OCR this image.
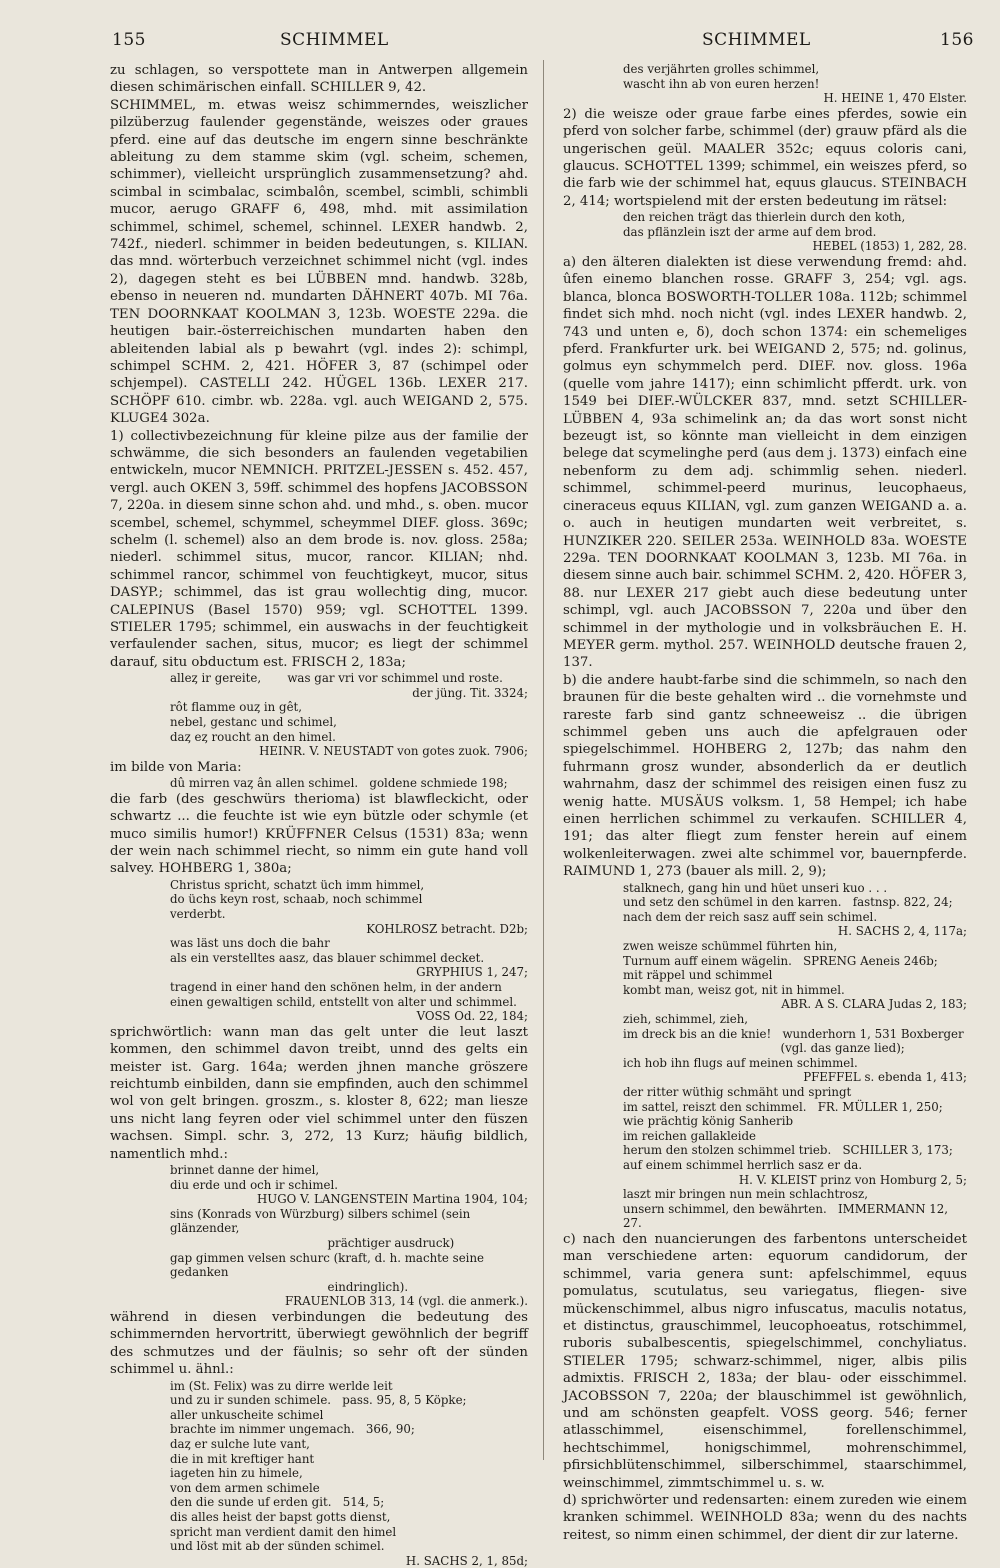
155	SCHIMMEL	SCHIMMEL	156
zu schlagen, so verspottete man in Antwerpen allgemein diesen schimärischen einfall. SCHILLER 9, 42.
SCHIMMEL, m. etwas weisz schimmerndes, weiszlicher pilzüberzug faulender gegenstände, weiszes oder graues pferd. eine auf das deutsche im engern sinne beschränkte ableitung zu dem stamme skim (vgl. scheim, schemen, schimmer), vielleicht ursprünglich zusammensetzung? ahd. scimbal in scimbalac, scimbalôn, scembel, scimbli, schimbli mucor, aerugo GRAFF 6, 498, mhd. mit assimilation schimmel, schimel, schemel, schinnel. LEXER handwb. 2, 742f., niederl. schimmer in beiden bedeutungen, s. KILIAN. das mnd. wörterbuch verzeichnet schimmel nicht (vgl. indes 2), dagegen steht es bei LÜBBEN mnd. handwb. 328b, ebenso in neueren nd. mundarten DÄHNERT 407b. MI 76a. TEN DOORNKAAT KOOLMAN 3, 123b. WOESTE 229a. die heutigen bair.-österreichischen mundarten haben den ableitenden labial als p bewahrt (vgl. indes 2): schimpl, schimpel SCHM. 2, 421. HÖFER 3, 87 (schimpel oder schjempel). CASTELLI 242. HÜGEL 136b. LEXER 217. SCHÖPF 610. cimbr. wb. 228a. vgl. auch WEIGAND 2, 575. KLUGE4 302a.
1) collectivbezeichnung für kleine pilze aus der familie der schwämme, die sich besonders an faulenden vegetabilien entwickeln, mucor NEMNICH. PRITZEL-JESSEN s. 452. 457, vergl. auch OKEN 3, 59ff. schimmel des hopfens JACOBSSON 7, 220a. in diesem sinne schon ahd. und mhd., s. oben. mucor scembel, schemel, schymmel, scheymmel DIEF. gloss. 369c; schelm (l. schemel) also an dem brode is. nov. gloss. 258a; niederl. schimmel situs, mucor, rancor. KILIAN; nhd. schimmel rancor, schimmel von feuchtigkeyt, mucor, situs DASYP.; schimmel, das ist grau wollechtig ding, mucor. CALEPINUS (Basel 1570) 959; vgl. SCHOTTEL 1399. STIELER 1795; schimmel, ein auswachs in der feuchtigkeit verfaulender sachen, situs, mucor; es liegt der schimmel darauf, situ obductum est. FRISCH 2, 183a;
alleȥ ir gereite,       was gar vri vor schimmel und roste.
der jüng. Tit. 3324;
rôt flamme ouȥ in gêt,
nebel, gestanc und schimel,
daȥ eȥ roucht an den himel.
HEINR. V. NEUSTADT von gotes zuok. 7906;
im bilde von Maria:
dû mirren vaȥ ân allen schimel.   goldene schmiede 198;
die farb (des geschwürs therioma) ist blawfleckicht, oder schwartz ... die feuchte ist wie eyn bützle oder schymle (et muco similis humor!) KRÜFFNER Celsus (1531) 83a; wenn der wein nach schimmel riecht, so nimm ein gute hand voll salvey. HOHBERG 1, 380a;
Christus spricht, schatzt üch imm himmel,
do üchs keyn rost, schaab, noch schimmel
verderbt.
KOHLROSZ betracht. D2b;
was läst uns doch die bahr
als ein verstelltes aasz, das blauer schimmel decket.
GRYPHIUS 1, 247;
tragend in einer hand den schönen helm, in der andern
einen gewaltigen schild, entstellt von alter und schimmel.
VOSS Od. 22, 184;
sprichwörtlich: wann man das gelt unter die leut laszt kommen, den schimmel davon treibt, unnd des gelts ein meister ist. Garg. 164a; werden jhnen manche gröszere reichtumb einbilden, dann sie empfinden, auch den schimmel wol von gelt bringen. groszm., s. kloster 8, 622; man liesze uns nicht lang feyren oder viel schimmel unter den füszen wachsen. Simpl. schr. 3, 272, 13 Kurz; häufig bildlich, namentlich mhd.:
brinnet danne der himel,
diu erde und och ir schimel.
HUGO V. LANGENSTEIN Martina 1904, 104;
sins (Konrads von Würzburg) silbers schimel (sein glänzender,
prächtiger ausdruck)
gap gimmen velsen schurc (kraft, d. h. machte seine gedanken
eindringlich).
FRAUENLOB 313, 14 (vgl. die anmerk.).
während in diesen verbindungen die bedeutung des schimmernden hervortritt, überwiegt gewöhnlich der begriff des schmutzes und der fäulnis; so sehr oft der sünden schimmel u. ähnl.:
im (St. Felix) was zu dirre werlde leit
und zu ir sunden schimele.   pass. 95, 8, 5 Köpke;
aller unkuscheite schimel
brachte im nimmer ungemach.   366, 90;
daȥ er sulche lute vant,
die in mit kreftiger hant
iageten hin zu himele,
von dem armen schimele
den die sunde uf erden git.   514, 5;
dis alles heist der bapst gotts dienst,
spricht man verdient damit den himel
und löst mit ab der sünden schimel.
H. SACHS 2, 1, 85d;
des verjährten grolles schimmel,
wascht ihn ab von euren herzen!
H. HEINE 1, 470 Elster.
2) die weisze oder graue farbe eines pferdes, sowie ein pferd von solcher farbe, schimmel (der) grauw pfärd als die ungerischen geül. MAALER 352c; equus coloris cani, glaucus. SCHOTTEL 1399; schimmel, ein weiszes pferd, so die farb wie der schimmel hat, equus glaucus. STEINBACH 2, 414; wortspielend mit der ersten bedeutung im rätsel:
den reichen trägt das thierlein durch den koth,
das pflänzlein iszt der arme auf dem brod.
HEBEL (1853) 1, 282, 28.
a) den älteren dialekten ist diese verwendung fremd: ahd. ûfen einemo blanchen rosse. GRAFF 3, 254; vgl. ags. blanca, blonca BOSWORTH-TOLLER 108a. 112b; schimmel findet sich mhd. noch nicht (vgl. indes LEXER handwb. 2, 743 und unten e, δ), doch schon 1374: ein schemeliges pferd. Frankfurter urk. bei WEIGAND 2, 575; nd. golinus, golmus eyn schymmelch perd. DIEF. nov. gloss. 196a (quelle vom jahre 1417); einn schimlicht pfferdt. urk. von 1549 bei DIEF.-WÜLCKER 837, mnd. setzt SCHILLER-LÜBBEN 4, 93a schimelink an; da das wort sonst nicht bezeugt ist, so könnte man vielleicht in dem einzigen belege dat scymelinghe perd (aus dem j. 1373) einfach eine nebenform zu dem adj. schimmlig sehen. niederl. schimmel, schimmel-peerd murinus, leucophaeus, cineraceus equus KILIAN, vgl. zum ganzen WEIGAND a. a. o. auch in heutigen mundarten weit verbreitet, s. HUNZIKER 220. SEILER 253a. WEINHOLD 83a. WOESTE 229a. TEN DOORNKAAT KOOLMAN 3, 123b. MI 76a. in diesem sinne auch bair. schimmel SCHM. 2, 420. HÖFER 3, 88. nur LEXER 217 giebt auch diese bedeutung unter schimpl, vgl. auch JACOBSSON 7, 220a und über den schimmel in der mythologie und in volksbräuchen E. H. MEYER germ. mythol. 257. WEINHOLD deutsche frauen 2, 137.
b) die andere haubt-farbe sind die schimmeln, so nach den braunen für die beste gehalten wird .. die vornehmste und rareste farb sind gantz schneeweisz .. die übrigen schimmel geben uns auch die apfelgrauen oder spiegelschimmel. HOHBERG 2, 127b; das nahm den fuhrmann grosz wunder, absonderlich da er deutlich wahrnahm, dasz der schimmel des reisigen einen fusz zu wenig hatte. MUSÄUS volksm. 1, 58 Hempel; ich habe einen herrlichen schimmel zu verkaufen. SCHILLER 4, 191; das alter fliegt zum fenster herein auf einem wolkenleiterwagen. zwei alte schimmel vor, bauernpferde. RAIMUND 1, 273 (bauer als mill. 2, 9);
stalknech, gang hin und hüet unseri kuo . . .
und setz den schümel in den karren.   fastnsp. 822, 24;
nach dem der reich sasz auff sein schimel.
H. SACHS 2, 4, 117a;
zwen weisze schümmel führten hin,
Turnum auff einem wägelin.   SPRENG Aeneis 246b;
mit räppel und schimmel
kombt man, weisz got, nit in himmel.
ABR. A S. CLARA Judas 2, 183;
zieh, schimmel, zieh,
im dreck bis an die knie!   wunderhorn 1, 531 Boxberger
(vgl. das ganze lied);
ich hob ihn flugs auf meinen schimmel.
PFEFFEL s. ebenda 1, 413;
der ritter wüthig schmäht und springt
im sattel, reiszt den schimmel.   FR. MÜLLER 1, 250;
wie prächtig könig Sanherib
im reichen gallakleide
herum den stolzen schimmel trieb.   SCHILLER 3, 173;
auf einem schimmel herrlich sasz er da.
H. V. KLEIST prinz von Homburg 2, 5;
laszt mir bringen nun mein schlachtrosz,
unsern schimmel, den bewährten.   IMMERMANN 12, 27.
c) nach den nuancierungen des farbentons unterscheidet man verschiedene arten: equorum candidorum, der schimmel, varia genera sunt: apfelschimmel, equus pomulatus, scutulatus, seu variegatus, fliegen- sive mückenschimmel, albus nigro infuscatus, maculis notatus, et distinctus, grauschimmel, leucophoeatus, rotschimmel, ruboris subalbescentis, spiegelschimmel, conchyliatus. STIELER 1795; schwarz-schimmel, niger, albis pilis admixtis. FRISCH 2, 183a; der blau- oder eisschimmel. JACOBSSON 7, 220a; der blauschimmel ist gewöhnlich, und am schönsten geapfelt. VOSS georg. 546; ferner atlasschimmel, eisenschimmel, forellenschimmel, hechtschimmel, honigschimmel, mohrenschimmel, pfirsichblütenschimmel, silberschimmel, staarschimmel, weinschimmel, zimmtschimmel u. s. w.
d) sprichwörter und redensarten: einem zureden wie einem kranken schimmel. WEINHOLD 83a; wenn du des nachts reitest, so nimm einen schimmel, der dient dir zur laterne.
